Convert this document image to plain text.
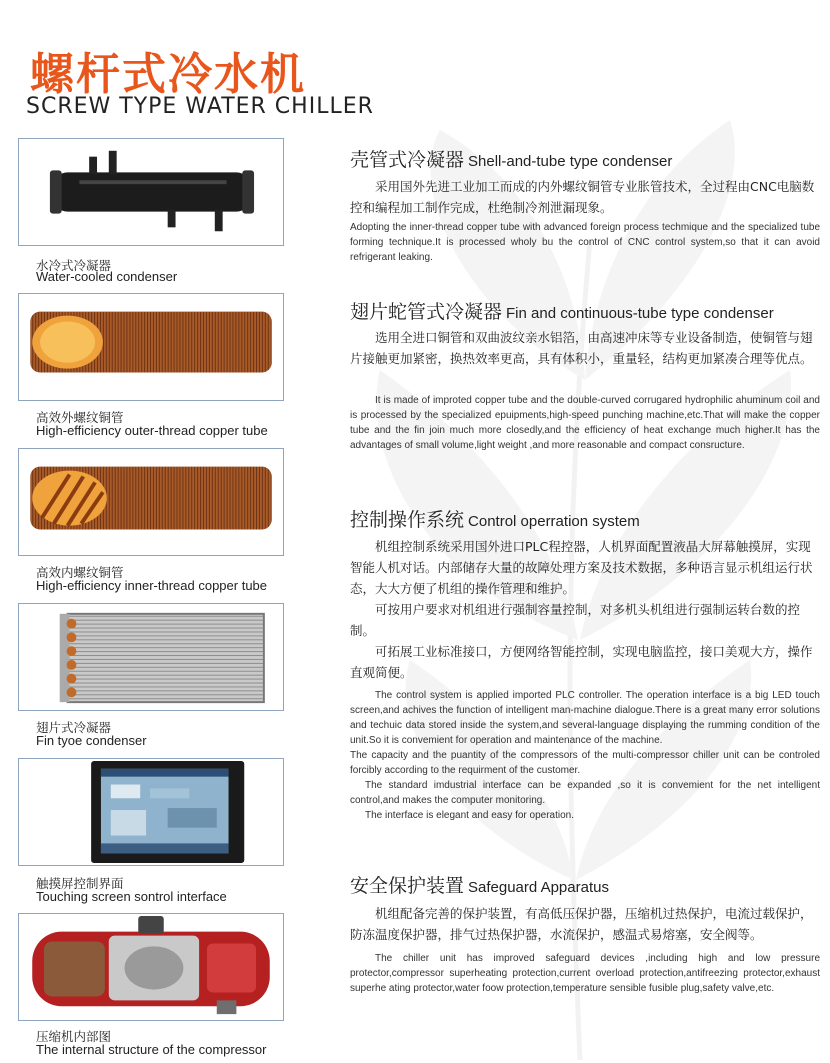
螺杆式冷水机
SCREW TYPE WATER CHILLER
水冷式冷凝器
Water-cooled condenser
高效外螺纹铜管
High-efficiency outer-thread copper tube
高效内螺纹铜管
High-efficiency inner-thread copper tube
翅片式冷凝器
Fin tyoe condenser
触摸屏控制界面
Touching screen sontrol interface
压缩机内部图
The internal structure of the compressor
壳管式冷凝器 Shell-and-tube type condenser

采用国外先进工业加工而成的内外螺纹铜管专业胀管技术，全过程由CNC电脑数控和编程加工制作完成，杜绝制冷剂泄漏现象。

Adopting the inner-thread copper tube with advanced foreign process techmique and the specialized tube forming technique.It is processed wholy bu the control of CNC control system,so that it can avoid refrigerant leaking.

翅片蛇管式冷凝器 Fin and continuous-tube type condenser

选用全进口铜管和双曲波纹亲水铝箔，由高速冲床等专业设备制造，使铜管与翅片接触更加紧密，换热效率更高，具有体积小，重量轻，结构更加紧凑合理等优点。

It is made of improted copper tube and the double-curved corrugared hydrophilic ahuminum coil and is processed by the specialized epuipments,high-speed punching machine,etc.That will make the copper tube and the fin join much more closedly,and the efficiency of heat exchange much higher.It has the advantages of small volume,light weight ,and more reasonable and compact consructure.

控制操作系统 Control operration system

机组控制系统采用国外进口PLC程控器，人机界面配置液晶大屏幕触摸屏，实现智能人机对话。内部储存大量的故障处理方案及技术数据，多种语言显示机组运行状态，大大方便了机组的操作管理和维护。

可按用户要求对机组进行强制容量控制，对多机头机组进行强制运转台数的控制。

可拓展工业标准接口，方便网络智能控制，实现电脑监控，接口美观大方，操作直观简便。

The control system is applied imported PLC controller. The operation interface is a big LED touch screen,and achives the function of intelligent man-machine dialogue.There is a great many error solutions and techuic data stored inside the system,and several-language displaying the rumming condition of the unit.So it is convemient for operation and maintenance of the machine.

The capacity and the puantity of the compressors of the multi-compressor chiller unit can be controled forcibly according to the requirment of the customer.

The standard imdustrial interface can be expanded ,so it is convemient for the net intelligent control,and makes the computer monitoring.

The interface is elegant and easy for operation.

安全保护装置 Safeguard Apparatus

机组配备完善的保护装置，有高低压保护器，压缩机过热保护，电流过载保护，防冻温度保护器，排气过热保护器，水流保护，感温式易熔塞，安全阀等。

The chiller unit has improved safeguard devices ,including high and low pressure protector,compressor superheating protection,current overload protection,antifreezing protector,exhaust superhe ating protector,water foow protection,temperature sensible fusible plug,safety valve,etc.
